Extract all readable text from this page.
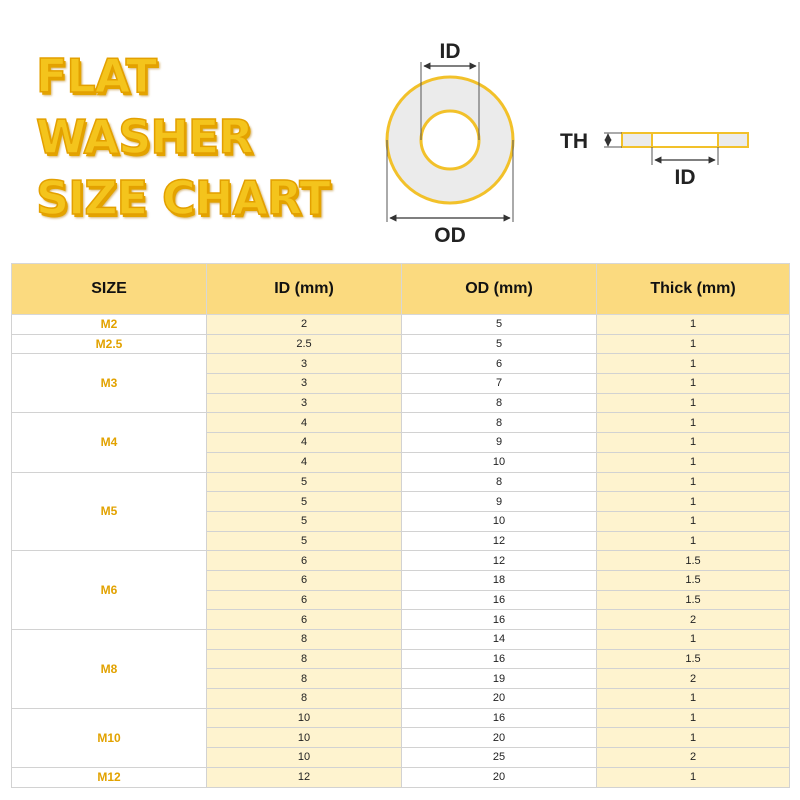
FLAT
WASHER
SIZE CHART
ID
OD
TH
ID
SIZE	ID (mm)	OD (mm)	Thick (mm)
M2	2	5	1
M2.5	2.5	5	1
M3	3	6	1
	3	7	1
	3	8	1
M4	4	8	1
	4	9	1
	4	10	1
M5	5	8	1
	5	9	1
	5	10	1
	5	12	1
M6	6	12	1.5
	6	18	1.5
	6	16	1.5
	6	16	2
M8	8	14	1
	8	16	1.5
	8	19	2
	8	20	1
M10	10	16	1
	10	20	1
	10	25	2
M12	12	20	1
